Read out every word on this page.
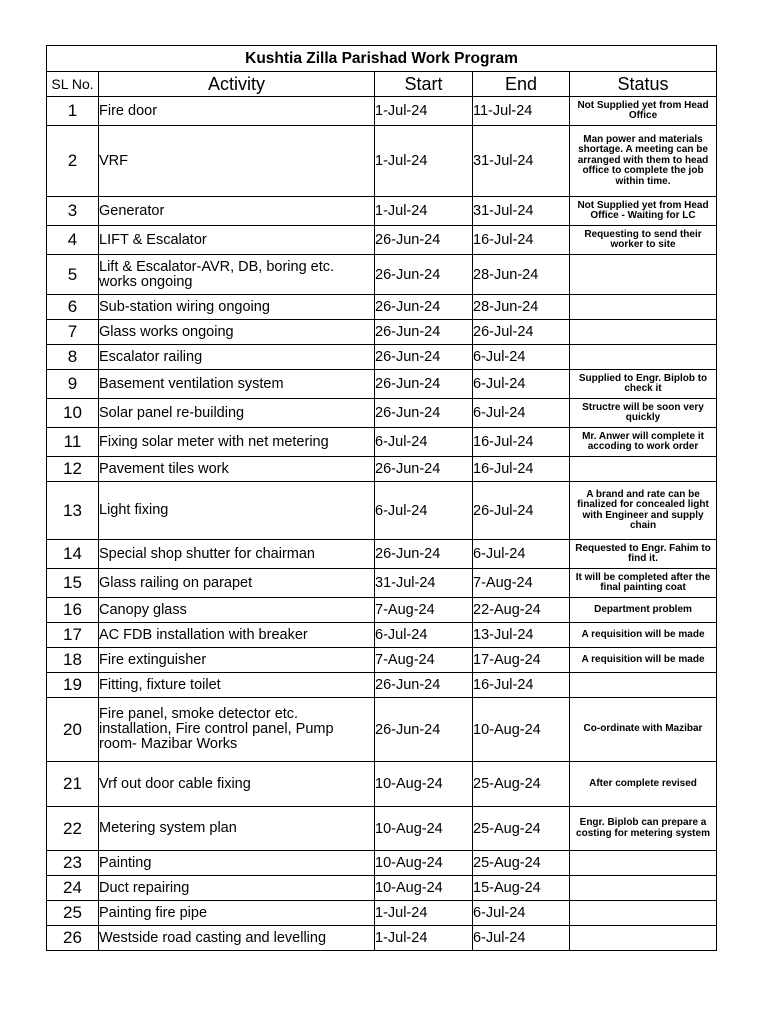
Kushtia Zilla Parishad Work Program				
SL No.	Activity	Start	End	Status
1	Fire door	1-Jul-24	11-Jul-24	Not Supplied yet from Head Office
2	VRF	1-Jul-24	31-Jul-24	Man power and materials shortage. A meeting can be arranged with them to head office to complete the job within time.
3	Generator	1-Jul-24	31-Jul-24	Not Supplied yet from Head Office - Waiting for LC
4	LIFT & Escalator	26-Jun-24	16-Jul-24	Requesting to send their worker to site
5	Lift & Escalator-AVR, DB, boring etc. works ongoing	26-Jun-24	28-Jun-24	
6	Sub-station wiring ongoing	26-Jun-24	28-Jun-24	
7	Glass works ongoing	26-Jun-24	26-Jul-24	
8	Escalator railing	26-Jun-24	6-Jul-24	
9	Basement ventilation system	26-Jun-24	6-Jul-24	Supplied to Engr. Biplob to check it
10	Solar panel re-building	26-Jun-24	6-Jul-24	Structre will be soon very quickly
11	Fixing solar meter with net metering	6-Jul-24	16-Jul-24	Mr. Anwer will complete it accoding to work order
12	Pavement tiles work	26-Jun-24	16-Jul-24	
13	Light fixing	6-Jul-24	26-Jul-24	A brand and rate can be finalized for concealed light with Engineer and supply chain
14	Special shop shutter for chairman	26-Jun-24	6-Jul-24	Requested to Engr. Fahim to find it.
15	Glass railing on parapet	31-Jul-24	7-Aug-24	It will be completed after the final painting coat
16	Canopy glass	7-Aug-24	22-Aug-24	Department problem
17	AC FDB installation with breaker	6-Jul-24	13-Jul-24	A requisition will be made
18	Fire extinguisher	7-Aug-24	17-Aug-24	A requisition will be made
19	Fitting, fixture toilet	26-Jun-24	16-Jul-24	
20	Fire panel, smoke detector etc. installation, Fire control panel, Pump room- Mazibar Works	26-Jun-24	10-Aug-24	Co-ordinate with Mazibar
21	Vrf out door cable fixing	10-Aug-24	25-Aug-24	After complete revised
22	Metering system plan	10-Aug-24	25-Aug-24	Engr. Biplob can prepare a costing for metering system
23	Painting	10-Aug-24	25-Aug-24	
24	Duct repairing	10-Aug-24	15-Aug-24	
25	Painting fire pipe	1-Jul-24	6-Jul-24	
26	Westside road casting and levelling	1-Jul-24	6-Jul-24	
